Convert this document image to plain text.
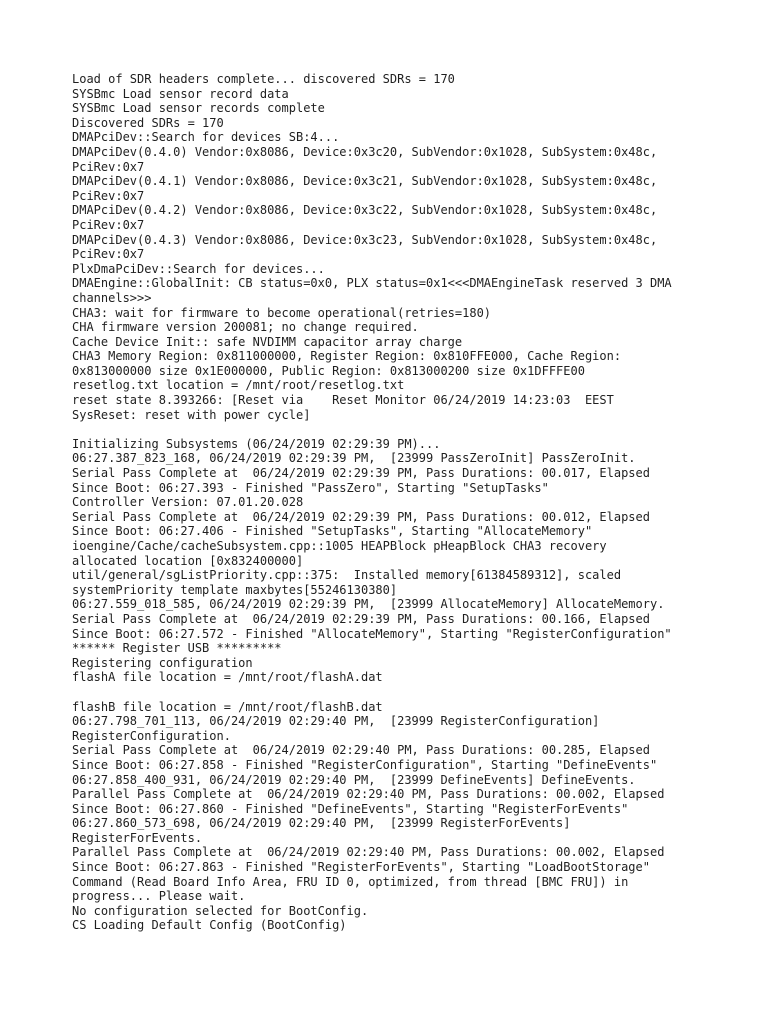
Load of SDR headers complete... discovered SDRs = 170
SYSBmc Load sensor record data
SYSBmc Load sensor records complete
Discovered SDRs = 170
DMAPciDev::Search for devices SB:4...
DMAPciDev(0.4.0) Vendor:0x8086, Device:0x3c20, SubVendor:0x1028, SubSystem:0x48c,
PciRev:0x7
DMAPciDev(0.4.1) Vendor:0x8086, Device:0x3c21, SubVendor:0x1028, SubSystem:0x48c,
PciRev:0x7
DMAPciDev(0.4.2) Vendor:0x8086, Device:0x3c22, SubVendor:0x1028, SubSystem:0x48c,
PciRev:0x7
DMAPciDev(0.4.3) Vendor:0x8086, Device:0x3c23, SubVendor:0x1028, SubSystem:0x48c,
PciRev:0x7
PlxDmaPciDev::Search for devices...
DMAEngine::GlobalInit: CB status=0x0, PLX status=0x1<<<DMAEngineTask reserved 3 DMA
channels>>>
CHA3: wait for firmware to become operational(retries=180)
CHA firmware version 200081; no change required.
Cache Device Init:: safe NVDIMM capacitor array charge
CHA3 Memory Region: 0x811000000, Register Region: 0x810FFE000, Cache Region:
0x813000000 size 0x1E000000, Public Region: 0x813000200 size 0x1DFFFE00
resetlog.txt location = /mnt/root/resetlog.txt
reset state 8.393266: [Reset via    Reset Monitor 06/24/2019 14:23:03  EEST
SysReset: reset with power cycle]
Initializing Subsystems (06/24/2019 02:29:39 PM)...
06:27.387_823_168, 06/24/2019 02:29:39 PM,  [23999 PassZeroInit] PassZeroInit.
Serial Pass Complete at  06/24/2019 02:29:39 PM, Pass Durations: 00.017, Elapsed
Since Boot: 06:27.393 - Finished "PassZero", Starting "SetupTasks"
Controller Version: 07.01.20.028
Serial Pass Complete at  06/24/2019 02:29:39 PM, Pass Durations: 00.012, Elapsed
Since Boot: 06:27.406 - Finished "SetupTasks", Starting "AllocateMemory"
ioengine/Cache/cacheSubsystem.cpp::1005 HEAPBlock pHeapBlock CHA3 recovery
allocated location [0x832400000]
util/general/sgListPriority.cpp::375:  Installed memory[61384589312], scaled
systemPriority template maxbytes[55246130380]
06:27.559_018_585, 06/24/2019 02:29:39 PM,  [23999 AllocateMemory] AllocateMemory.
Serial Pass Complete at  06/24/2019 02:29:39 PM, Pass Durations: 00.166, Elapsed
Since Boot: 06:27.572 - Finished "AllocateMemory", Starting "RegisterConfiguration"
****** Register USB *********
Registering configuration
flashA file location = /mnt/root/flashA.dat
flashB file location = /mnt/root/flashB.dat
06:27.798_701_113, 06/24/2019 02:29:40 PM,  [23999 RegisterConfiguration]
RegisterConfiguration.
Serial Pass Complete at  06/24/2019 02:29:40 PM, Pass Durations: 00.285, Elapsed
Since Boot: 06:27.858 - Finished "RegisterConfiguration", Starting "DefineEvents"
06:27.858_400_931, 06/24/2019 02:29:40 PM,  [23999 DefineEvents] DefineEvents.
Parallel Pass Complete at  06/24/2019 02:29:40 PM, Pass Durations: 00.002, Elapsed
Since Boot: 06:27.860 - Finished "DefineEvents", Starting "RegisterForEvents"
06:27.860_573_698, 06/24/2019 02:29:40 PM,  [23999 RegisterForEvents]
RegisterForEvents.
Parallel Pass Complete at  06/24/2019 02:29:40 PM, Pass Durations: 00.002, Elapsed
Since Boot: 06:27.863 - Finished "RegisterForEvents", Starting "LoadBootStorage"
Command (Read Board Info Area, FRU ID 0, optimized, from thread [BMC FRU]) in
progress... Please wait.
No configuration selected for BootConfig.
CS Loading Default Config (BootConfig)
